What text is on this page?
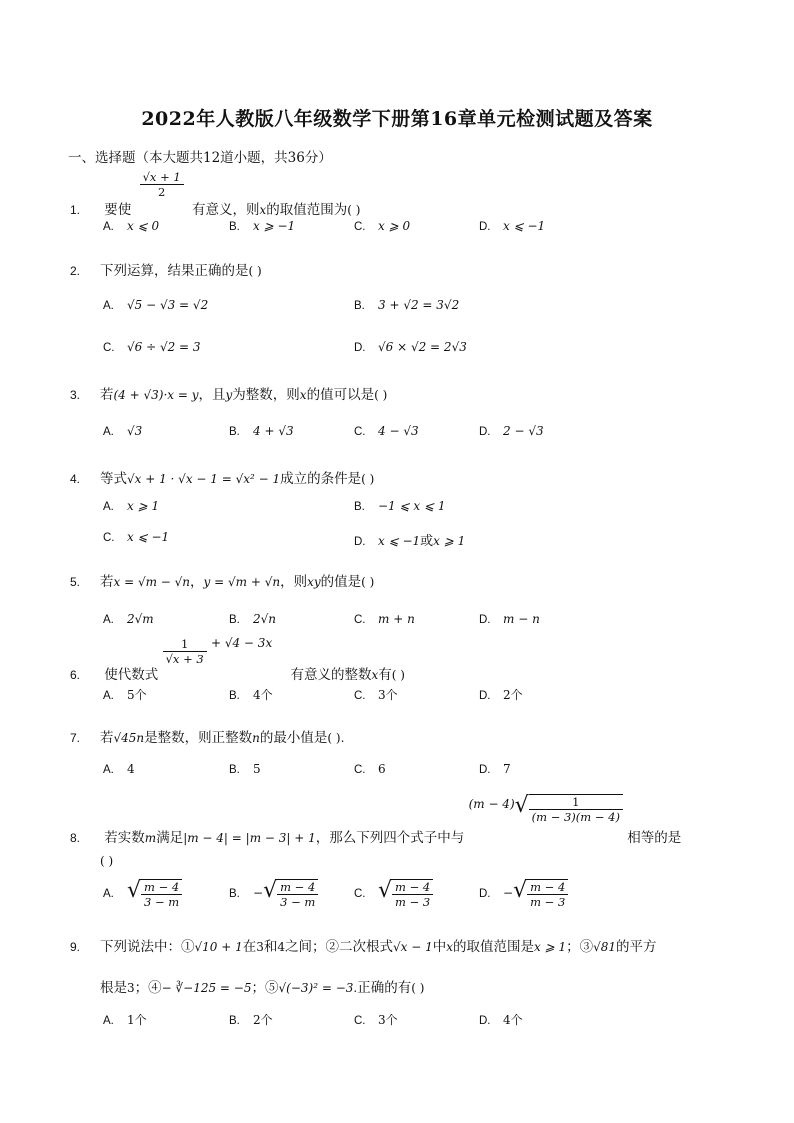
2022年人教版八年级数学下册第16章单元检测试题及答案
一、选择题（本大题共12道小题，共36分）
1. 要使
$\frac{√x + 1}{2}$
有意义，则x的取值范围为( )
A. x ⩽ 0	B. x ⩾ −1	C. x ⩾ 0	D. x ⩽ −1
2. 下列运算，结果正确的是( )
A. √5 − √3 = √2	B. 3 + √2 = 3√2
C. √6 ÷ √2 = 3	D. √6 × √2 = 2√3
3. 若(4 + √3)·x = y，且y为整数，则x的值可以是( )
A. √3	B. 4 + √3	C. 4 − √3	D. 2 − √3
4. 等式√x + 1 · √x − 1 = √x² − 1成立的条件是( )
A. x ⩾ 1	B. −1 ⩽ x ⩽ 1
C. x ⩽ −1	D. x ⩽ −1或x ⩾ 1
5. 若x = √m − √n，y = √m + √n，则xy的值是( )
A. 2√m	B. 2√n	C. m + n	D. m − n
6. 使代数式
$\frac{1}{√x + 3} + √4 - 3x$ 有意义的整数x有( )
A. 5个	B. 4个	C. 3个	D. 2个
7. 若√45n是整数，则正整数n的最小值是( ).
A. 4	B. 5	C. 6	D. 7
8. 若实数m满足|m − 4| = |m − 3| + 1，那么下列四个式子中与 $(m - 4)√ \frac{1}{(m - 3)(m - 4)}$
相等的是
( )
A. √ $\frac{m - 4}{3 - m}$	B. −√ $\frac{m - 4}{3 - m}$	C. √ $\frac{m - 4}{m - 3}$	D. −√ $\frac{m - 4}{m - 3}$
9. 下列说法中：①√10 + 1在3和4之间；②二次根式√x − 1中x的取值范围是x ⩾ 1；③√81的平方
根是3；④− ∛−125 = −5；⑤√(−3)² = −3.正确的有( )
A. 1个	B. 2个	C. 3个	D. 4个
